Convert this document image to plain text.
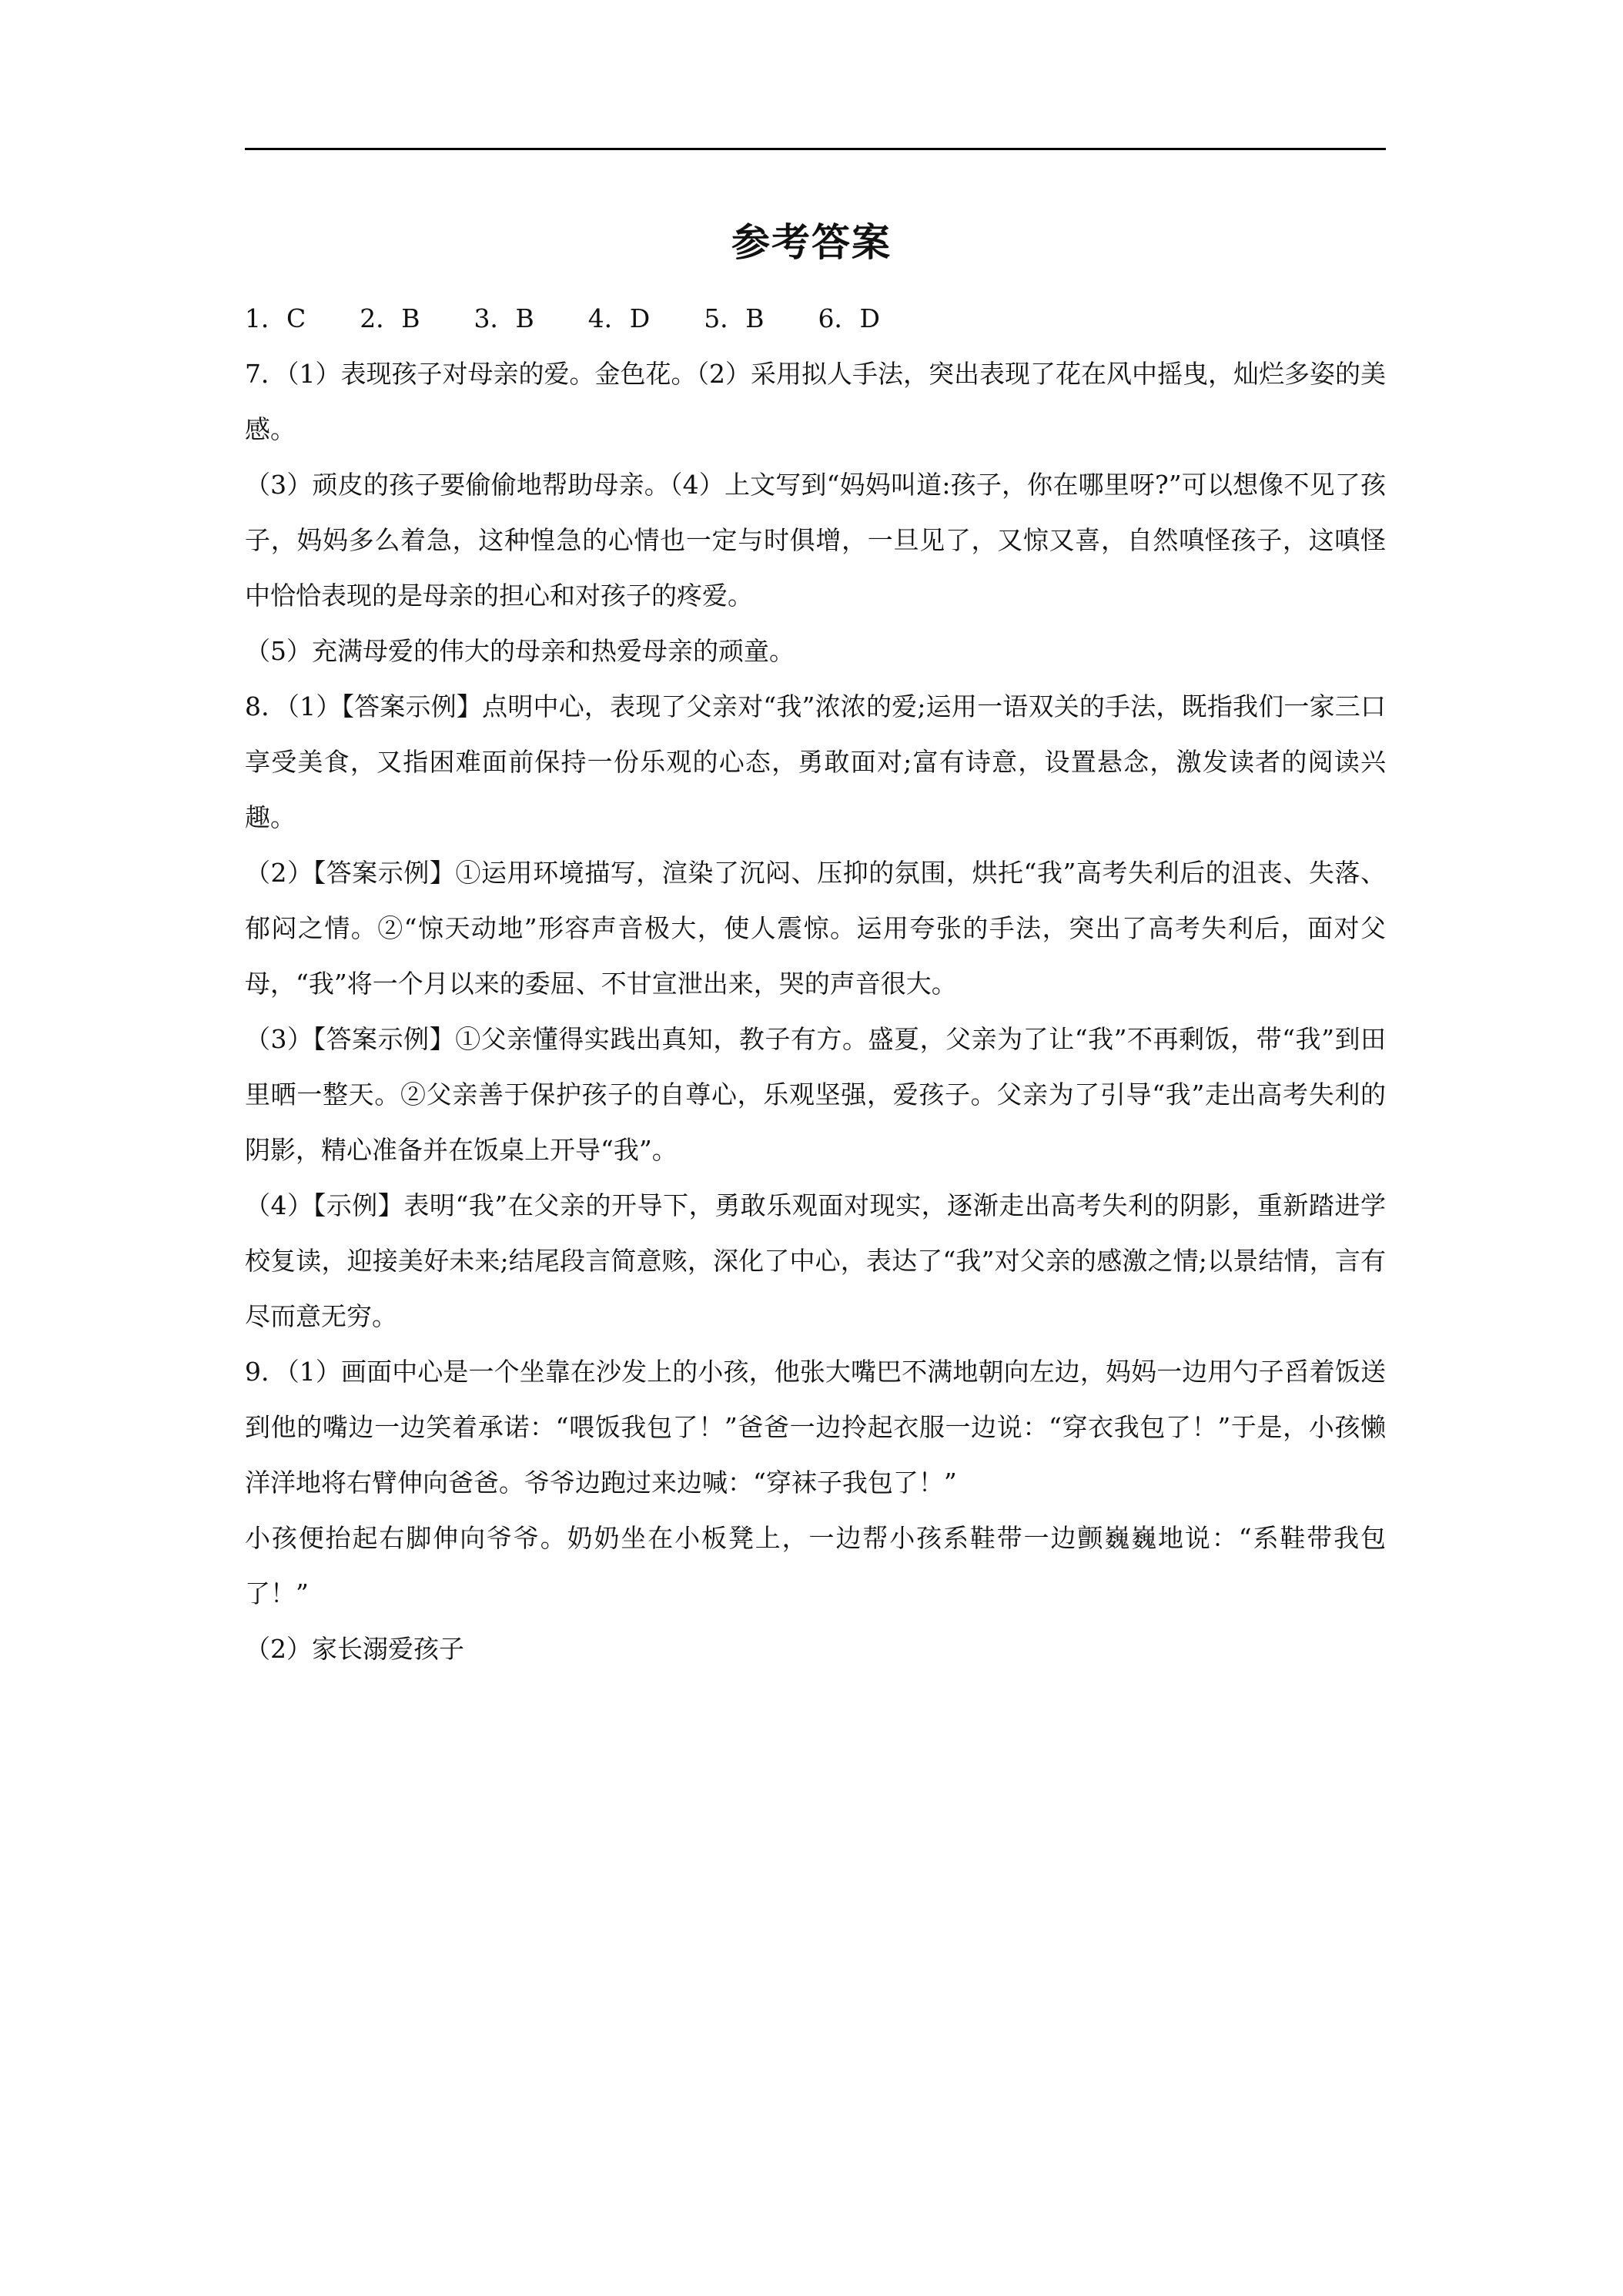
参考答案
1．C 2．B 3．B 4．D 5．B 6．D

7．（1）表现孩子对母亲的爱。金色花。（2）采用拟人手法，突出表现了花在风中摇曳，灿烂多姿的美感。

（3）顽皮的孩子要偷偷地帮助母亲。（4）上文写到“妈妈叫道:孩子，你在哪里呀?”可以想像不见了孩子，妈妈多么着急，这种惶急的心情也一定与时俱增，一旦见了，又惊又喜，自然嗔怪孩子，这嗔怪中恰恰表现的是母亲的担心和对孩子的疼爱。

（5）充满母爱的伟大的母亲和热爱母亲的顽童。

8．（1）【答案示例】点明中心，表现了父亲对“我”浓浓的爱;运用一语双关的手法，既指我们一家三口享受美食，又指困难面前保持一份乐观的心态，勇敢面对;富有诗意，设置悬念，激发读者的阅读兴趣。

（2）【答案示例】①运用环境描写，渲染了沉闷、压抑的氛围，烘托“我”高考失利后的沮丧、失落、郁闷之情。②“惊天动地”形容声音极大，使人震惊。运用夸张的手法，突出了高考失利后，面对父母，“我”将一个月以来的委屈、不甘宣泄出来，哭的声音很大。

（3）【答案示例】①父亲懂得实践出真知，教子有方。盛夏，父亲为了让“我”不再剩饭，带“我”到田里晒一整天。②父亲善于保护孩子的自尊心，乐观坚强，爱孩子。父亲为了引导“我”走出高考失利的阴影，精心准备并在饭桌上开导“我”。

（4）【示例】表明“我”在父亲的开导下，勇敢乐观面对现实，逐渐走出高考失利的阴影，重新踏进学校复读，迎接美好未来;结尾段言简意赅，深化了中心，表达了“我”对父亲的感激之情;以景结情，言有尽而意无穷。

9．（1）画面中心是一个坐靠在沙发上的小孩，他张大嘴巴不满地朝向左边，妈妈一边用勺子舀着饭送到他的嘴边一边笑着承诺：“喂饭我包了！”爸爸一边拎起衣服一边说：“穿衣我包了！”于是，小孩懒洋洋地将右臂伸向爸爸。爷爷边跑过来边喊：“穿袜子我包了！”
小孩便抬起右脚伸向爷爷。奶奶坐在小板凳上，一边帮小孩系鞋带一边颤巍巍地说：“系鞋带我包了！”

（2）家长溺爱孩子
